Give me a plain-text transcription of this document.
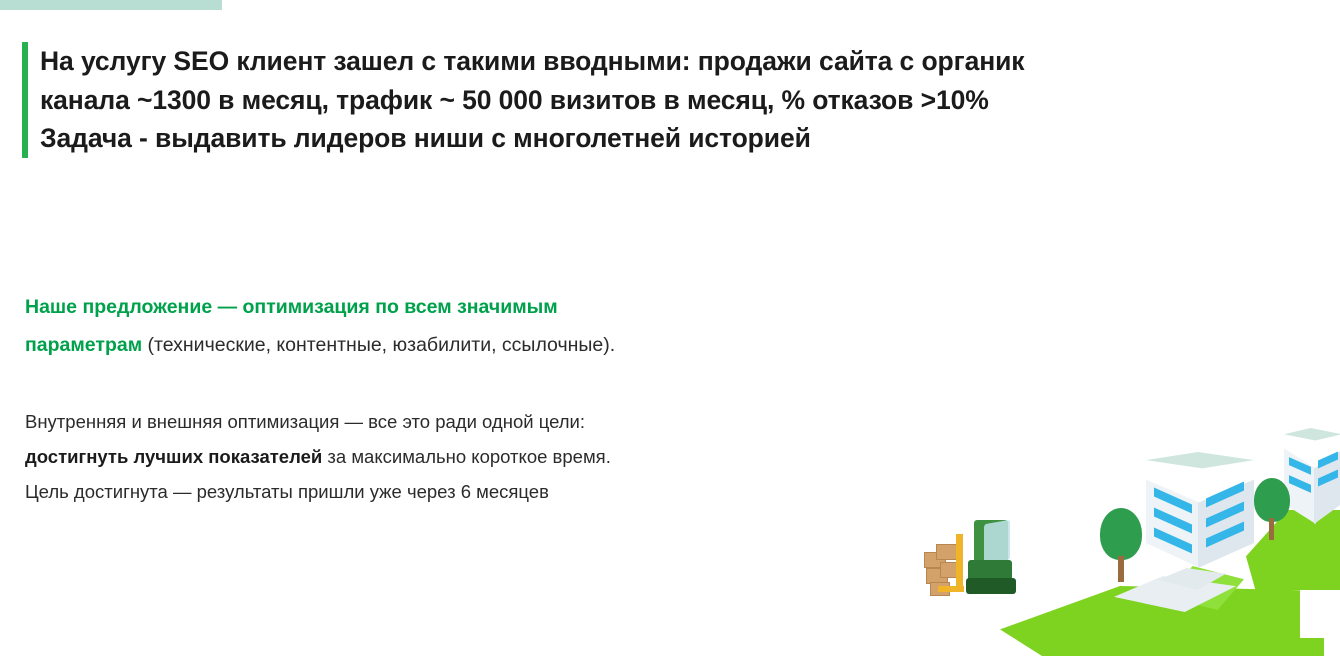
На услугу SEO клиент зашел с такими вводными: продажи сайта с органик
канала ~1300 в месяц, трафик ~ 50 000 визитов в месяц, % отказов >10%
Задача - выдавить лидеров ниши с многолетней историей
Наше предложение — оптимизация по всем значимым
параметрам (технические, контентные, юзабилити, ссылочные).
Внутренняя и внешняя оптимизация — все это ради одной цели:
достигнуть лучших показателей за максимально короткое время.
Цель достигнута — результаты пришли уже через 6 месяцев
